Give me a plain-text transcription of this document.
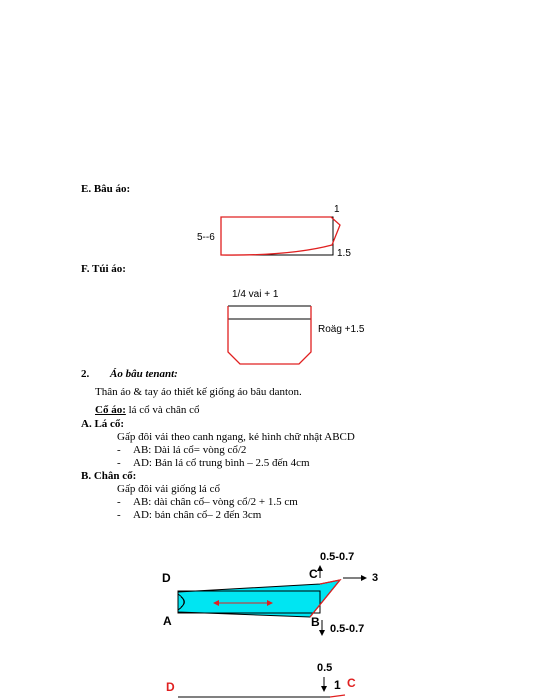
E. Bâu áo:
1
5--6
1.5
F. Túi áo:
1/4 vai + 1
Roäg +1.5
2. Áo bâu tenant:
Thân áo & tay áo thiết kế giống áo bâu danton.
Cổ áo: lá cổ và chân cổ
A. Lá cổ:
Gấp đôi vải theo canh ngang, kẻ hình chữ nhật ABCD
- AB: Dài lá cổ= vòng cổ/2
- AD: Bản lá cổ trung bình – 2.5 đến 4cm
B. Chân cổ:
Gấp đôi vải giống lá cổ
- AB: dài chân cổ– vòng cổ/2 + 1.5 cm
- AD: bản chân cổ– 2 đến 3cm
0.5-0.7
D	C	3
A	B 0.5-0.7
0.5
D	1 C
